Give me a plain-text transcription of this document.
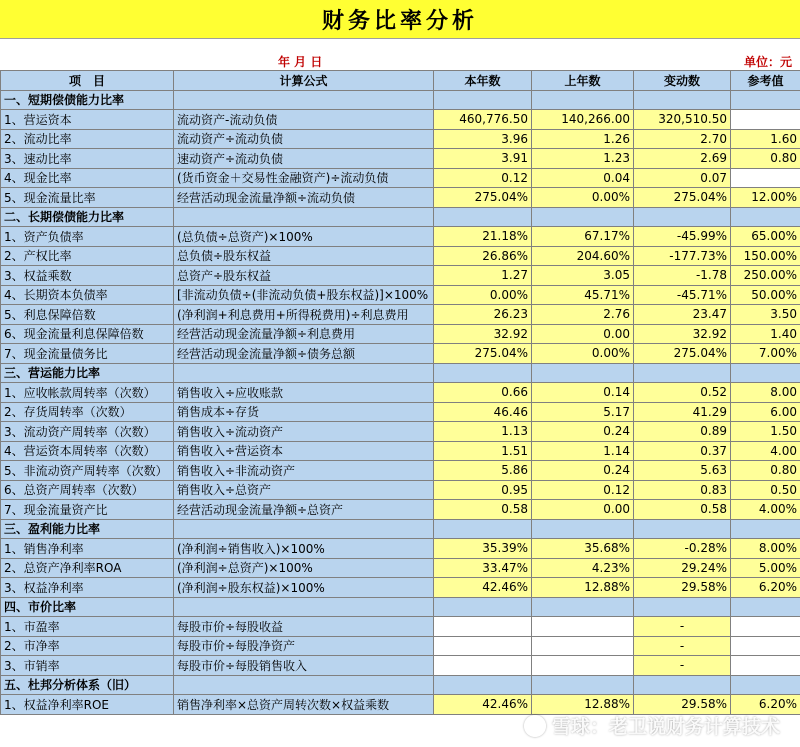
财务比率分析
年 月 日	单位：元
项　目	计算公式	本年数	上年数	变动数	参考值
一、短期偿债能力比率					
1、营运资本	流动资产-流动负债	460,776.50	140,266.00	320,510.50	
2、流动比率	流动资产÷流动负债	3.96	1.26	2.70	1.60
3、速动比率	速动资产÷流动负债	3.91	1.23	2.69	0.80
4、现金比率	(货币资金＋交易性金融资产)÷流动负债	0.12	0.04	0.07	
5、现金流量比率	经营活动现金流量净额÷流动负债	275.04%	0.00%	275.04%	12.00%
二、长期偿债能力比率					
1、资产负债率	(总负债÷总资产)×100%	21.18%	67.17%	-45.99%	65.00%
2、产权比率	总负债÷股东权益	26.86%	204.60%	-177.73%	150.00%
3、权益乘数	总资产÷股东权益	1.27	3.05	-1.78	250.00%
4、长期资本负债率	[非流动负债÷(非流动负债+股东权益)]×100%	0.00%	45.71%	-45.71%	50.00%
5、利息保障倍数	(净利润+利息费用+所得税费用)÷利息费用	26.23	2.76	23.47	3.50
6、现金流量利息保障倍数	经营活动现金流量净额÷利息费用	32.92	0.00	32.92	1.40
7、现金流量债务比	经营活动现金流量净额÷债务总额	275.04%	0.00%	275.04%	7.00%
三、营运能力比率					
1、应收帐款周转率（次数）	销售收入÷应收账款	0.66	0.14	0.52	8.00
2、存货周转率（次数）	销售成本÷存货	46.46	5.17	41.29	6.00
3、流动资产周转率（次数）	销售收入÷流动资产	1.13	0.24	0.89	1.50
4、营运资本周转率（次数）	销售收入÷营运资本	1.51	1.14	0.37	4.00
5、非流动资产周转率（次数）	销售收入÷非流动资产	5.86	0.24	5.63	0.80
6、总资产周转率（次数）	销售收入÷总资产	0.95	0.12	0.83	0.50
7、现金流量资产比	经营活动现金流量净额÷总资产	0.58	0.00	0.58	4.00%
三、盈利能力比率					
1、销售净利率	(净利润÷销售收入)×100%	35.39%	35.68%	-0.28%	8.00%
2、总资产净利率ROA	(净利润÷总资产)×100%	33.47%	4.23%	29.24%	5.00%
3、权益净利率	(净利润÷股东权益)×100%	42.46%	12.88%	29.58%	6.20%
四、市价比率					
1、市盈率	每股市价÷每股收益			-	
2、市净率	每股市价÷每股净资产			-	
3、市销率	每股市价÷每股销售收入			-	
五、杜邦分析体系（旧）					
1、权益净利率ROE	销售净利率×总资产周转次数×权益乘数	42.46%	12.88%	29.58%	6.20%
雪球：老卫说财务计算技术
